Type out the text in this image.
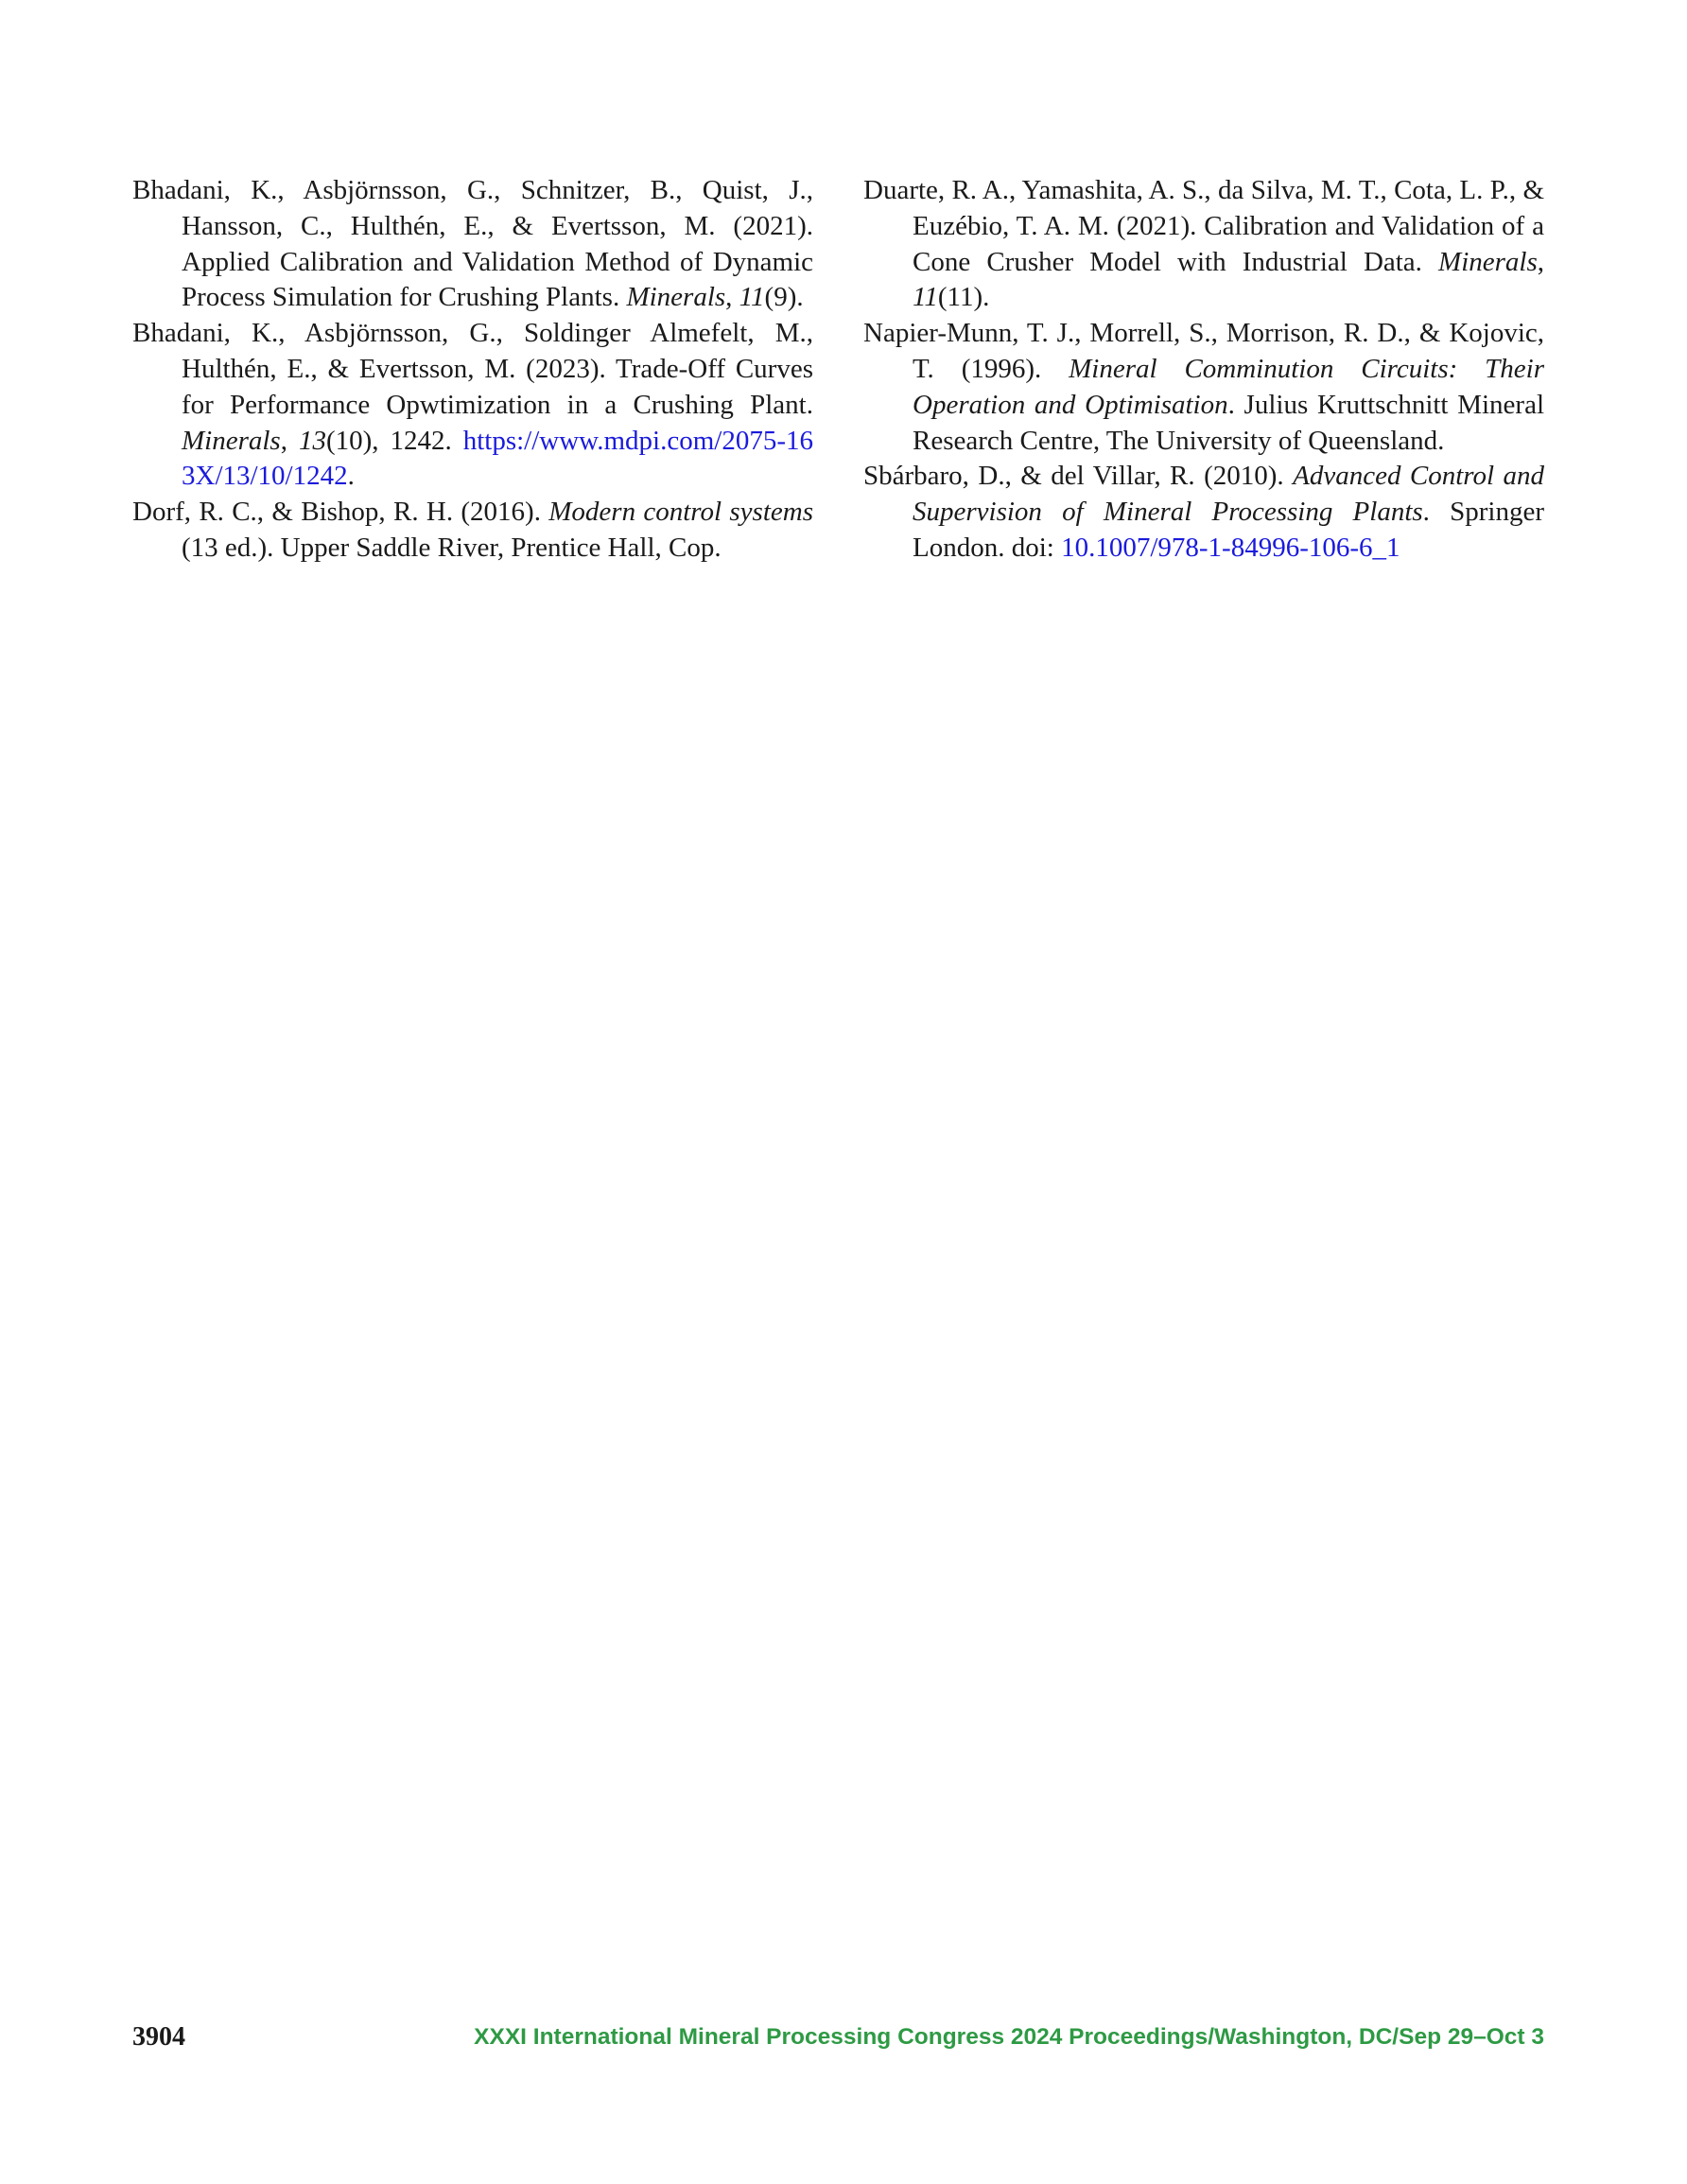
Bhadani, K., Asbjörnsson, G., Schnitzer, B., Quist, J., Hansson, C., Hulthén, E., & Evertsson, M. (2021). Applied Calibration and Validation Method of Dynamic Process Simulation for Crushing Plants. Minerals, 11(9).

Bhadani, K., Asbjörnsson, G., Soldinger Almefelt, M., Hulthén, E., & Evertsson, M. (2023). Trade-Off Curves for Performance Opwtimization in a Crushing Plant. Minerals, 13(10), 1242. https://www.mdpi.com/2075-163X/13/10/1242.

Dorf, R. C., & Bishop, R. H. (2016). Modern control systems (13 ed.). Upper Saddle River, Prentice Hall, Cop.

Duarte, R. A., Yamashita, A. S., da Silva, M. T., Cota, L. P., & Euzébio, T. A. M. (2021). Calibration and Validation of a Cone Crusher Model with Industrial Data. Minerals, 11(11).

Napier-Munn, T. J., Morrell, S., Morrison, R. D., & Kojovic, T. (1996). Mineral Comminution Circuits: Their Operation and Optimisation. Julius Kruttschnitt Mineral Research Centre, The University of Queensland.

Sbárbaro, D., & del Villar, R. (2010). Advanced Control and Supervision of Mineral Processing Plants. Springer London. doi: 10.1007/978-1-84996-106-6_1

3904	XXXI International Mineral Processing Congress 2024 Proceedings/Washington, DC/Sep 29–Oct 3
